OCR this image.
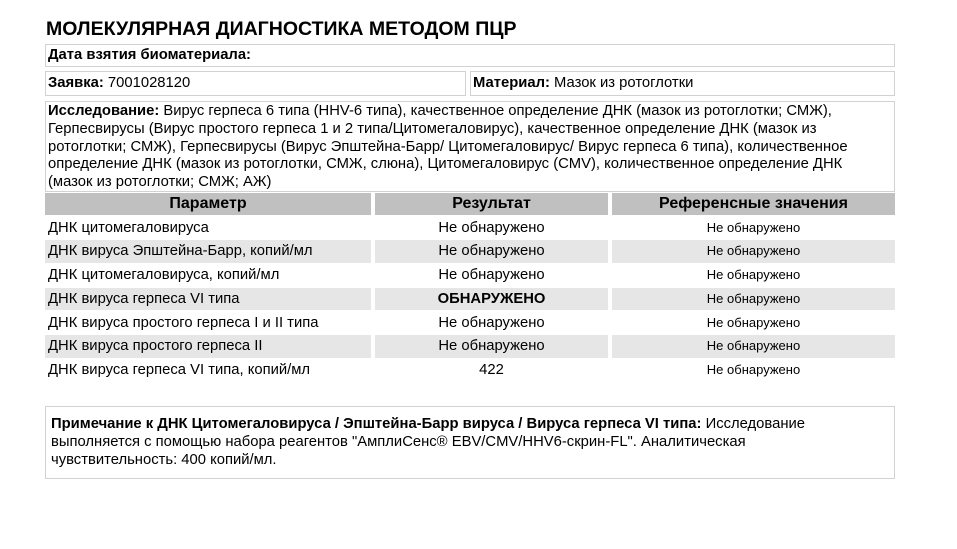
МОЛЕКУЛЯРНАЯ ДИАГНОСТИКА МЕТОДОМ ПЦР
Дата взятия биоматериала:
Заявка: 7001028120	Материал: Мазок из ротоглотки
Исследование: Вирус герпеса 6 типа (HHV-6 типа), качественное определение ДНК (мазок из ротоглотки; СМЖ),
Герпесвирусы (Вирус простого герпеса 1 и 2 типа/Цитомегаловирус), качественное определение ДНК (мазок из
ротоглотки; СМЖ), Герпесвирусы (Вирус Эпштейна-Барр/ Цитомегаловирус/ Вирус герпеса 6 типа), количественное
определение ДНК (мазок из ротоглотки, СМЖ, слюна), Цитомегаловирус (CMV), количественное определение ДНК
(мазок из ротоглотки; СМЖ; АЖ)
Параметр	Результат	Референсные значения
ДНК цитомегаловируса	Не обнаружено	Не обнаружено
ДНК вируса Эпштейна-Барр, копий/мл	Не обнаружено	Не обнаружено
ДНК цитомегаловируса, копий/мл	Не обнаружено	Не обнаружено
ДНК вируса герпеса VI типа	ОБНАРУЖЕНО	Не обнаружено
ДНК вируса простого герпеса I и II типа	Не обнаружено	Не обнаружено
ДНК вируса простого герпеса II	Не обнаружено	Не обнаружено
ДНК вируса герпеса VI типа, копий/мл	422	Не обнаружено

Примечание к ДНК Цитомегаловируса / Эпштейна-Барр вируса / Вируса герпеса VI типа: Исследование выполняется с помощью набора реагентов "АмплиСенс® EBV/CMV/HHV6-скрин-FL". Аналитическая чувствительность: 400 копий/мл.
